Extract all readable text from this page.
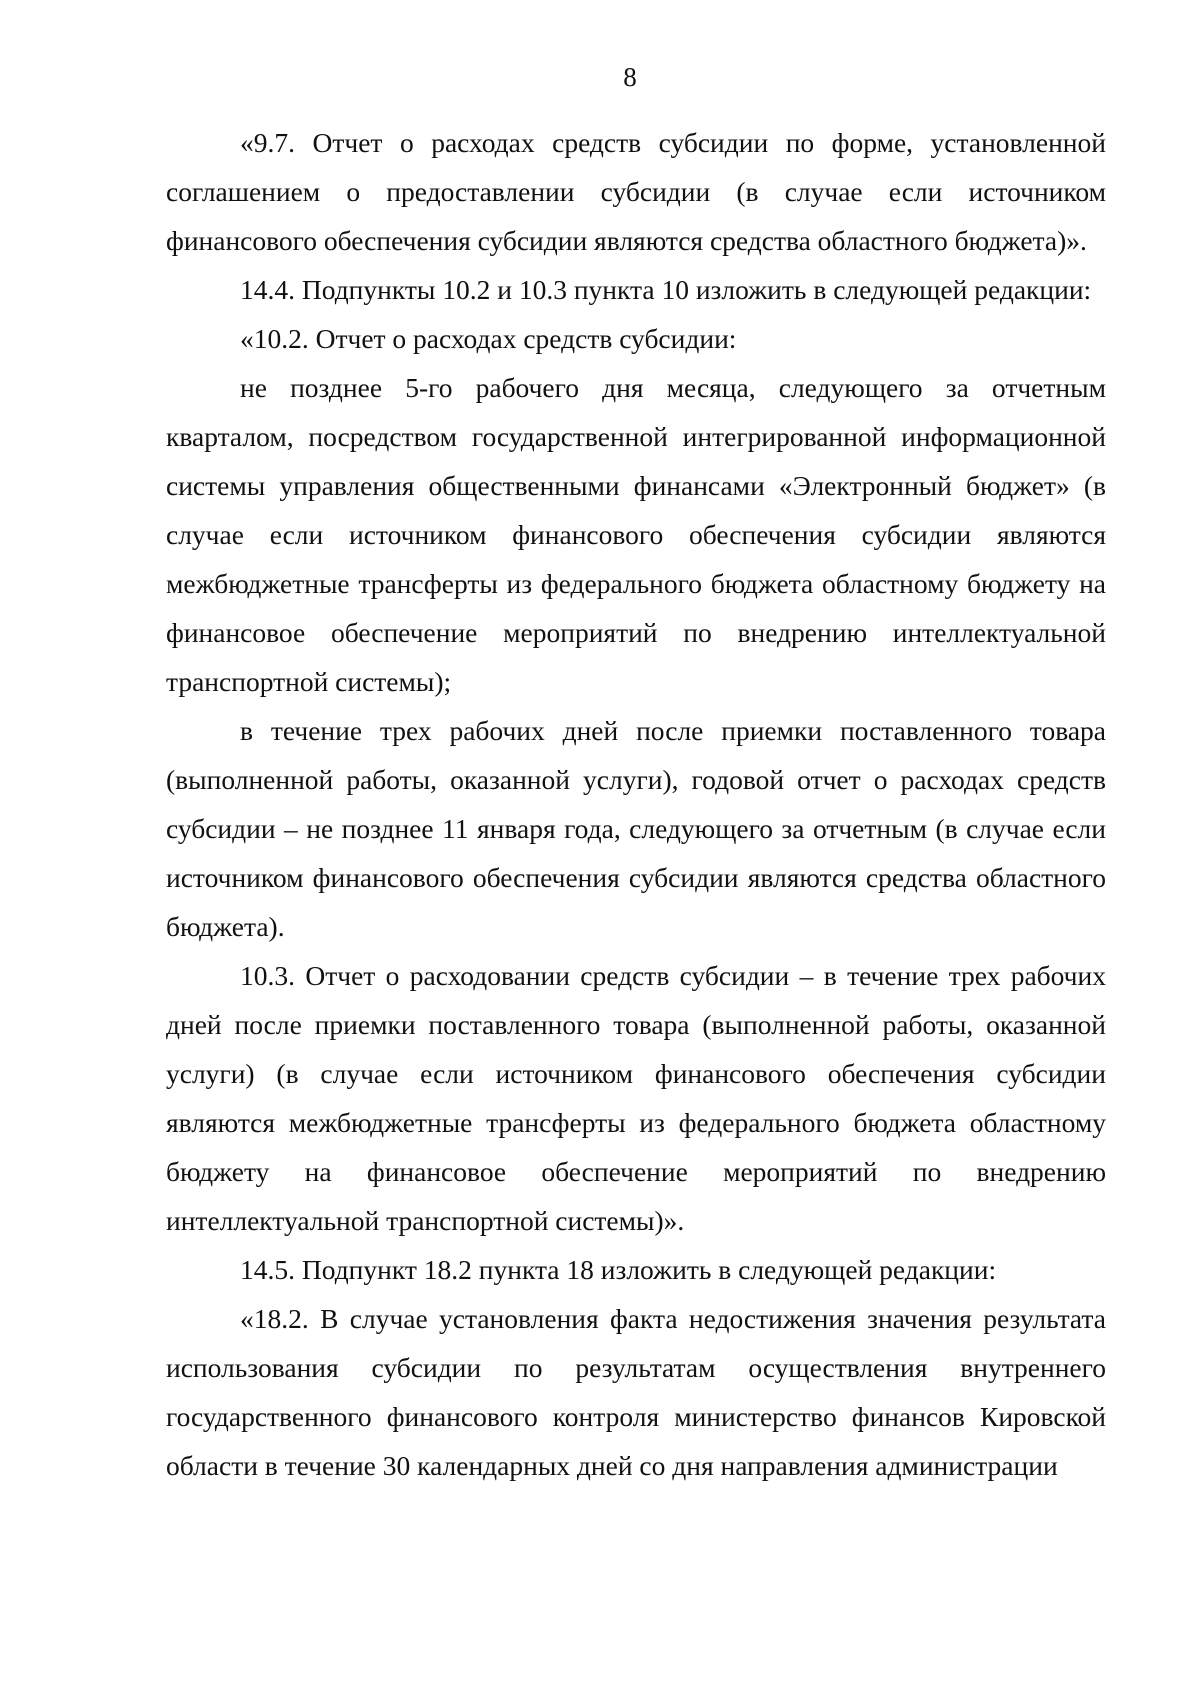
8

«9.7. Отчет о расходах средств субсидии по форме, установленной соглашением о предоставлении субсидии (в случае если источником финансового обеспечения субсидии являются средства областного бюджета)».

14.4. Подпункты 10.2 и 10.3 пункта 10 изложить в следующей редакции:

«10.2. Отчет о расходах средств субсидии:

не позднее 5-го рабочего дня месяца, следующего за отчетным кварталом, посредством государственной интегрированной информационной системы управления общественными финансами «Электронный бюджет» (в случае если источником финансового обеспечения субсидии являются межбюджетные трансферты из федерального бюджета областному бюджету на финансовое обеспечение мероприятий по внедрению интеллектуальной транспортной системы);

в течение трех рабочих дней после приемки поставленного товара (выполненной работы, оказанной услуги), годовой отчет о расходах средств субсидии – не позднее 11 января года, следующего за отчетным (в случае если источником финансового обеспечения субсидии являются средства областного бюджета).

10.3. Отчет о расходовании средств субсидии – в течение трех рабочих дней после приемки поставленного товара (выполненной работы, оказанной услуги) (в случае если источником финансового обеспечения субсидии являются межбюджетные трансферты из федерального бюджета областному бюджету на финансовое обеспечение мероприятий по внедрению интеллектуальной транспортной системы)».

14.5. Подпункт 18.2 пункта 18 изложить в следующей редакции:

«18.2. В случае установления факта недостижения значения результата использования субсидии по результатам осуществления внутреннего государственного финансового контроля министерство финансов Кировской области в течение 30 календарных дней со дня направления администрации
